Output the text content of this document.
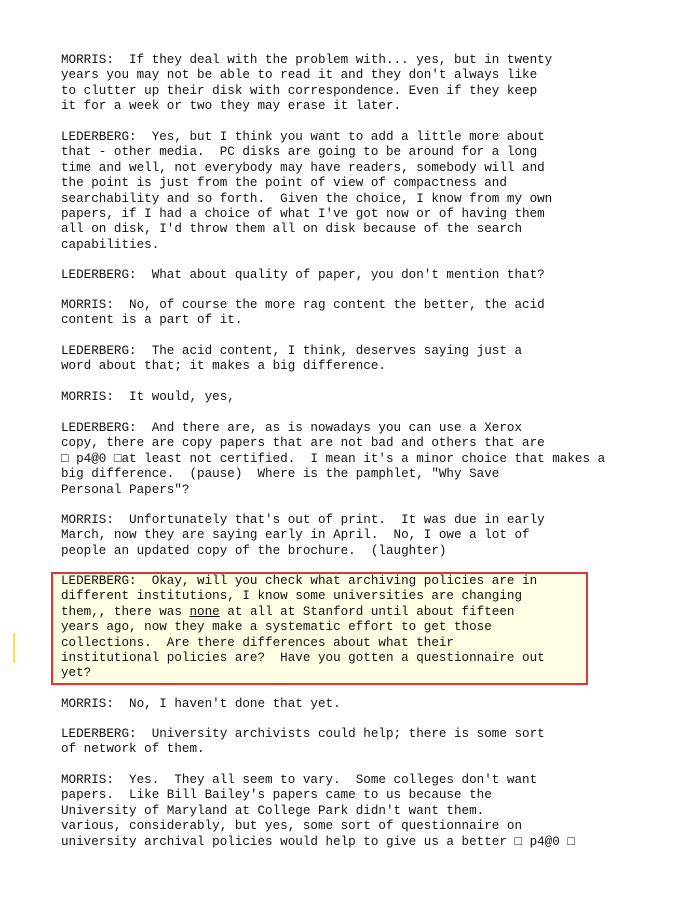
MORRIS:  If they deal with the problem with... yes, but in twenty
years you may not be able to read it and they don't always like
to clutter up their disk with correspondence. Even if they keep
it for a week or two they may erase it later.
LEDERBERG:  Yes, but I think you want to add a little more about
that - other media.  PC disks are going to be around for a long
time and well, not everybody may have readers, somebody will and
the point is just from the point of view of compactness and
searchability and so forth.  Given the choice, I know from my own
papers, if I had a choice of what I've got now or of having them
all on disk, I'd throw them all on disk because of the search
capabilities.
LEDERBERG:  What about quality of paper, you don't mention that?
MORRIS:  No, of course the more rag content the better, the acid
content is a part of it.
LEDERBERG:  The acid content, I think, deserves saying just a
word about that; it makes a big difference.
MORRIS:  It would, yes,
LEDERBERG:  And there are, as is nowadays you can use a Xerox
copy, there are copy papers that are not bad and others that are
□ p4@0 □at least not certified.  I mean it's a minor choice that makes a
big difference.  (pause)  Where is the pamphlet, "Why Save
Personal Papers"?
MORRIS:  Unfortunately that's out of print.  It was due in early
March, now they are saying early in April.  No, I owe a lot of
people an updated copy of the brochure.  (laughter)
LEDERBERG:  Okay, will you check what archiving policies are in
different institutions, I know some universities are changing
them,, there was none at all at Stanford until about fifteen
years ago, now they make a systematic effort to get those
collections.  Are there differences about what their
institutional policies are?  Have you gotten a questionnaire out
yet?
MORRIS:  No, I haven't done that yet.
LEDERBERG:  University archivists could help; there is some sort
of network of them.
MORRIS:  Yes.  They all seem to vary.  Some colleges don't want
papers.  Like Bill Bailey's papers came to us because the
University of Maryland at College Park didn't want them.
various, considerably, but yes, some sort of questionnaire on
university archival policies would help to give us a better □ p4@0 □
